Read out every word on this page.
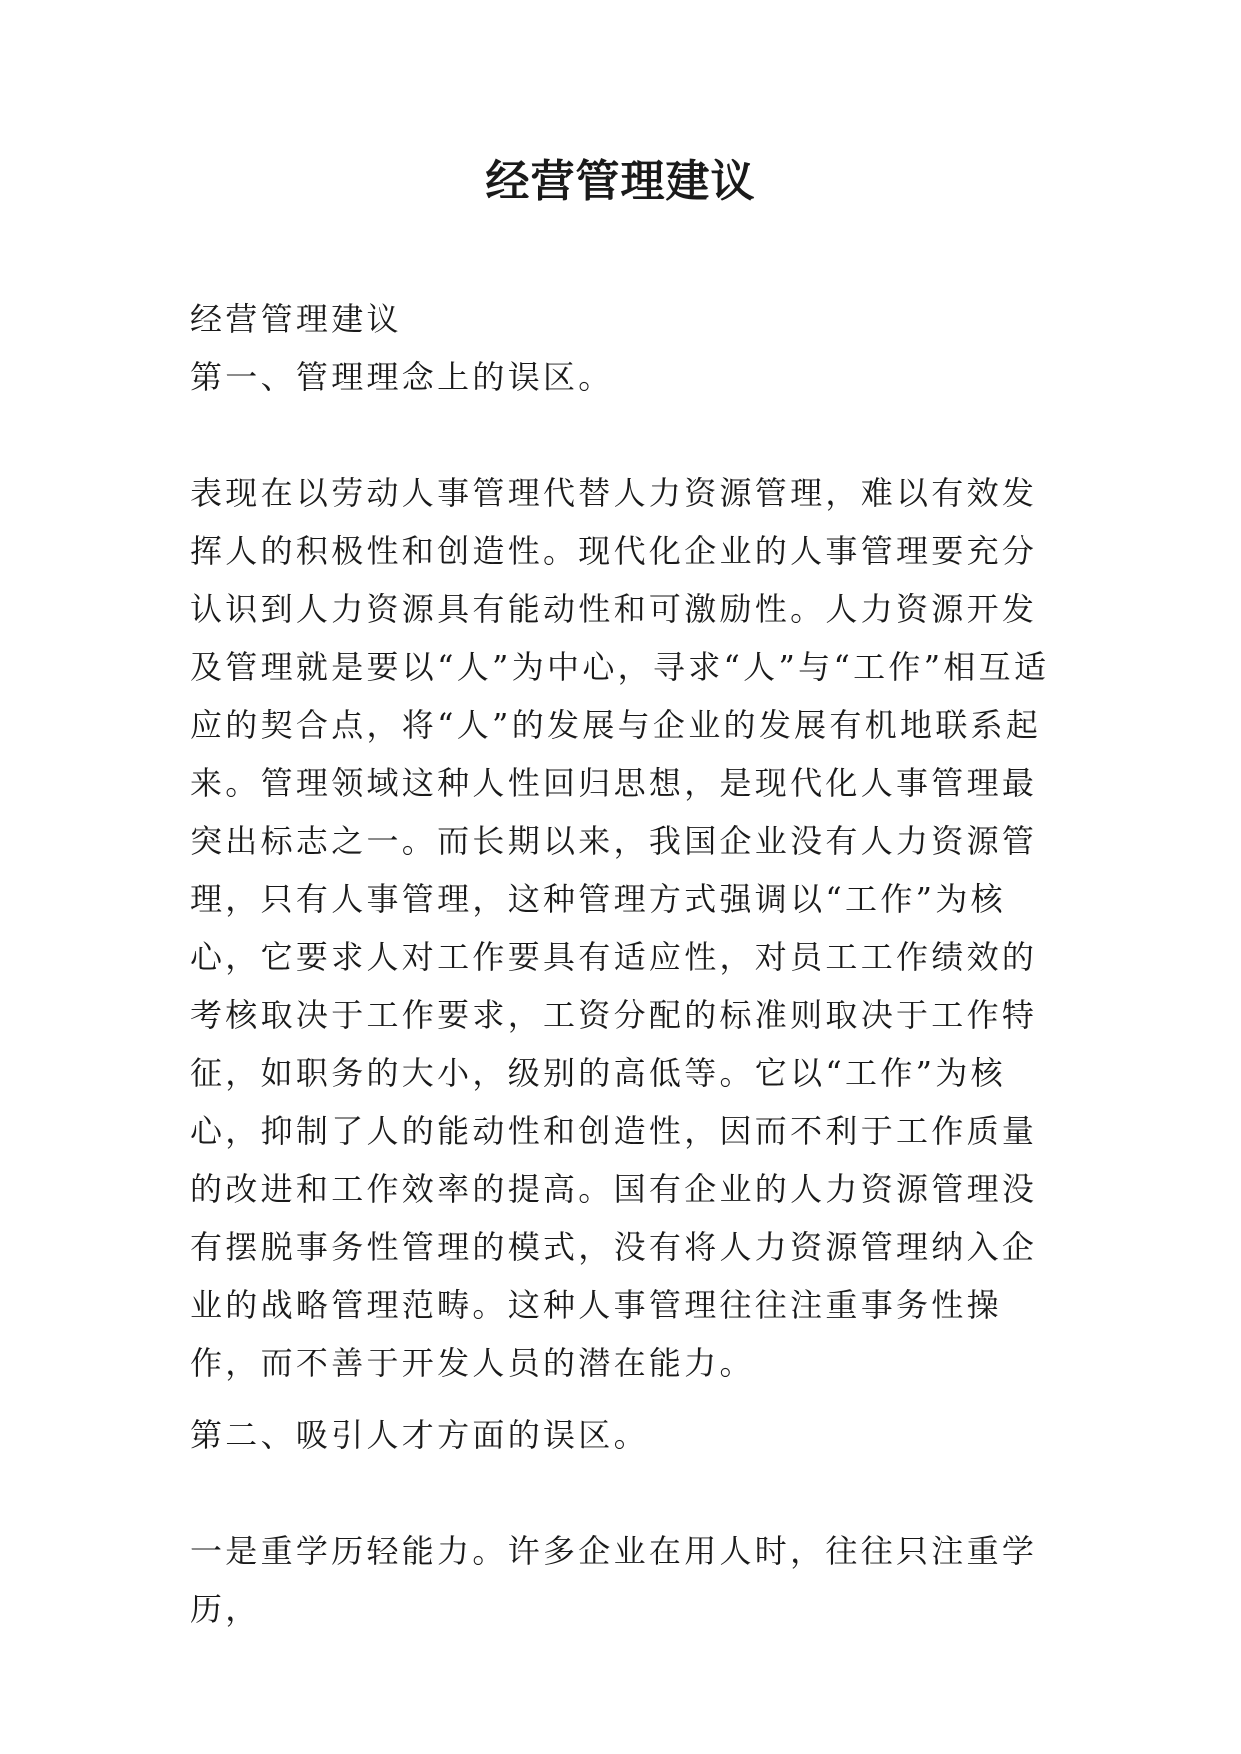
经营管理建议

经营管理建议

第一、管理理念上的误区。

表现在以劳动人事管理代替人力资源管理，难以有效发挥人的积极性和创造性。现代化企业的人事管理要充分认识到人力资源具有能动性和可激励性。人力资源开发及管理就是要以“人”为中心，寻求“人”与“工作”相互适应的契合点，将“人”的发展与企业的发展有机地联系起来。管理领域这种人性回归思想，是现代化人事管理最突出标志之一。而长期以来，我国企业没有人力资源管理，只有人事管理，这种管理方式强调以“工作”为核心，它要求人对工作要具有适应性，对员工工作绩效的考核取决于工作要求，工资分配的标准则取决于工作特征，如职务的大小，级别的高低等。它以“工作”为核心，抑制了人的能动性和创造性，因而不利于工作质量的改进和工作效率的提高。国有企业的人力资源管理没有摆脱事务性管理的模式，没有将人力资源管理纳入企业的战略管理范畴。这种人事管理往往注重事务性操作，而不善于开发人员的潜在能力。

第二、吸引人才方面的误区。

一是重学历轻能力。许多企业在用人时，往往只注重学历，
